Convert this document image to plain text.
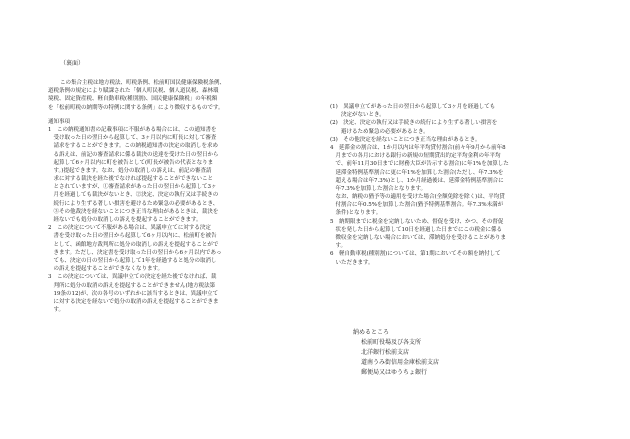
（裏面）
この集合主税は地方税法、町税条例、松前町国民健康保険税条例、
道税条例の規定により賦課された「個人町民税、個人道民税、森林環
境税、固定資産税、軽自動車税(種別割)、国民健康保険税」の年税額
を「松前町税の納期等の特例に関する条例」により徴収するものです。
通知事項
1　この納税通知書の記載事項に不服がある場合には、この通知書を
　受け取った日の翌日から起算して、3ヶ月以内に町長に対して審査
　請求をすることができます。この納税通知書の決定の取消しを求め
　る訴えは、前記の審査請求に係る裁決の送達を受けた日の翌日から
　起算して6ヶ月以内に町を被告として(町長が被告の代表となりま
　す。)提起できます。なお、処分の取消しの訴えは、前記の審査請
　求に対する裁決を経た後でなければ提起することができないこと
　とされていますが、①審査請求があった日の翌日から起算して3ヶ
　月を経過しても裁決がないとき、②決定、決定の執行又は手続きの
　続行により生ずる著しい損害を避けるため緊急の必要があるとき、
　③その他裁決を経ないことにつき正当な理由があるときは、裁決を
　経ないでも処分の取消しの訴えを提起することができます。
2　この決定について不服がある場合は、異議申立てに対する決定
　書を受け取った日の翌日から起算して6ヶ月以内に、松前町を被告
　として、函館地方裁判所に処分の取消しの訴えを提起することがで
　きます。ただし、決定書を受け取った日の翌日から6ヶ月以内であっ
　ても、決定の日の翌日から起算して1年を経過すると処分の取消し
　の訴えを提起することができなくなります。
3　この決定については、異議申立ての決定を経た後でなければ、裁
　判所に処分の取消の訴えを提起することができません(地方税法第
　19条の12)が、次の各号のいずれかに該当するときは、異議申立て
　に対する決定を経ないで処分の取消の訴えを提起することができま
　す。
(1)　異議申立てがあった日の翌日から起算して3ヶ月を経過しても
　　決定がないとき。
(2)　決定、決定の執行又は手続きの続行により生ずる著しい損害を
　　避けるため緊急の必要があるとき。
(3)　その他決定を経ないことにつき正当な理由があるとき。
4　延滞金の割合は、1か月以内は年平均貸付割合(前々年9月から前年8
　月までの各月における銀行の新規の短期貸出約定平均金利の年平均
　で、前年11月30日までに財務大臣が告示する割合)に年1%を加算した
　延滞金特例基準割合に更に年1%を加算した割合(ただし、年7.3%を
　超える場合は年7.3%)とし、1か月経過後は、延滞金特例基準割合に
　年7.3%を加算した割合となります。
　なお、納税の猶予等の適用を受けた場合(全額免除を除く)は、平均貸
　付割合に年0.5%を加算した割合(猶予特例基準割合。年7.3%未満が
　条件)となります。
5　納期限までに税金を完納しないため、督促を受け、かつ、その督促
　状を発した日から起算して10日を経過した日までにこの税金に係る
　徴収金を完納しない場合においては、滞納処分を受けることがありま
　す。
6　軽自動車税(種別割)については、第1期においてその額を納付して
　いただきます。
納めるところ
松前町役場及び各支所
北洋銀行松前支店
道南うみ街信用金庫松前支店
郵便局又はゆうちょ銀行
